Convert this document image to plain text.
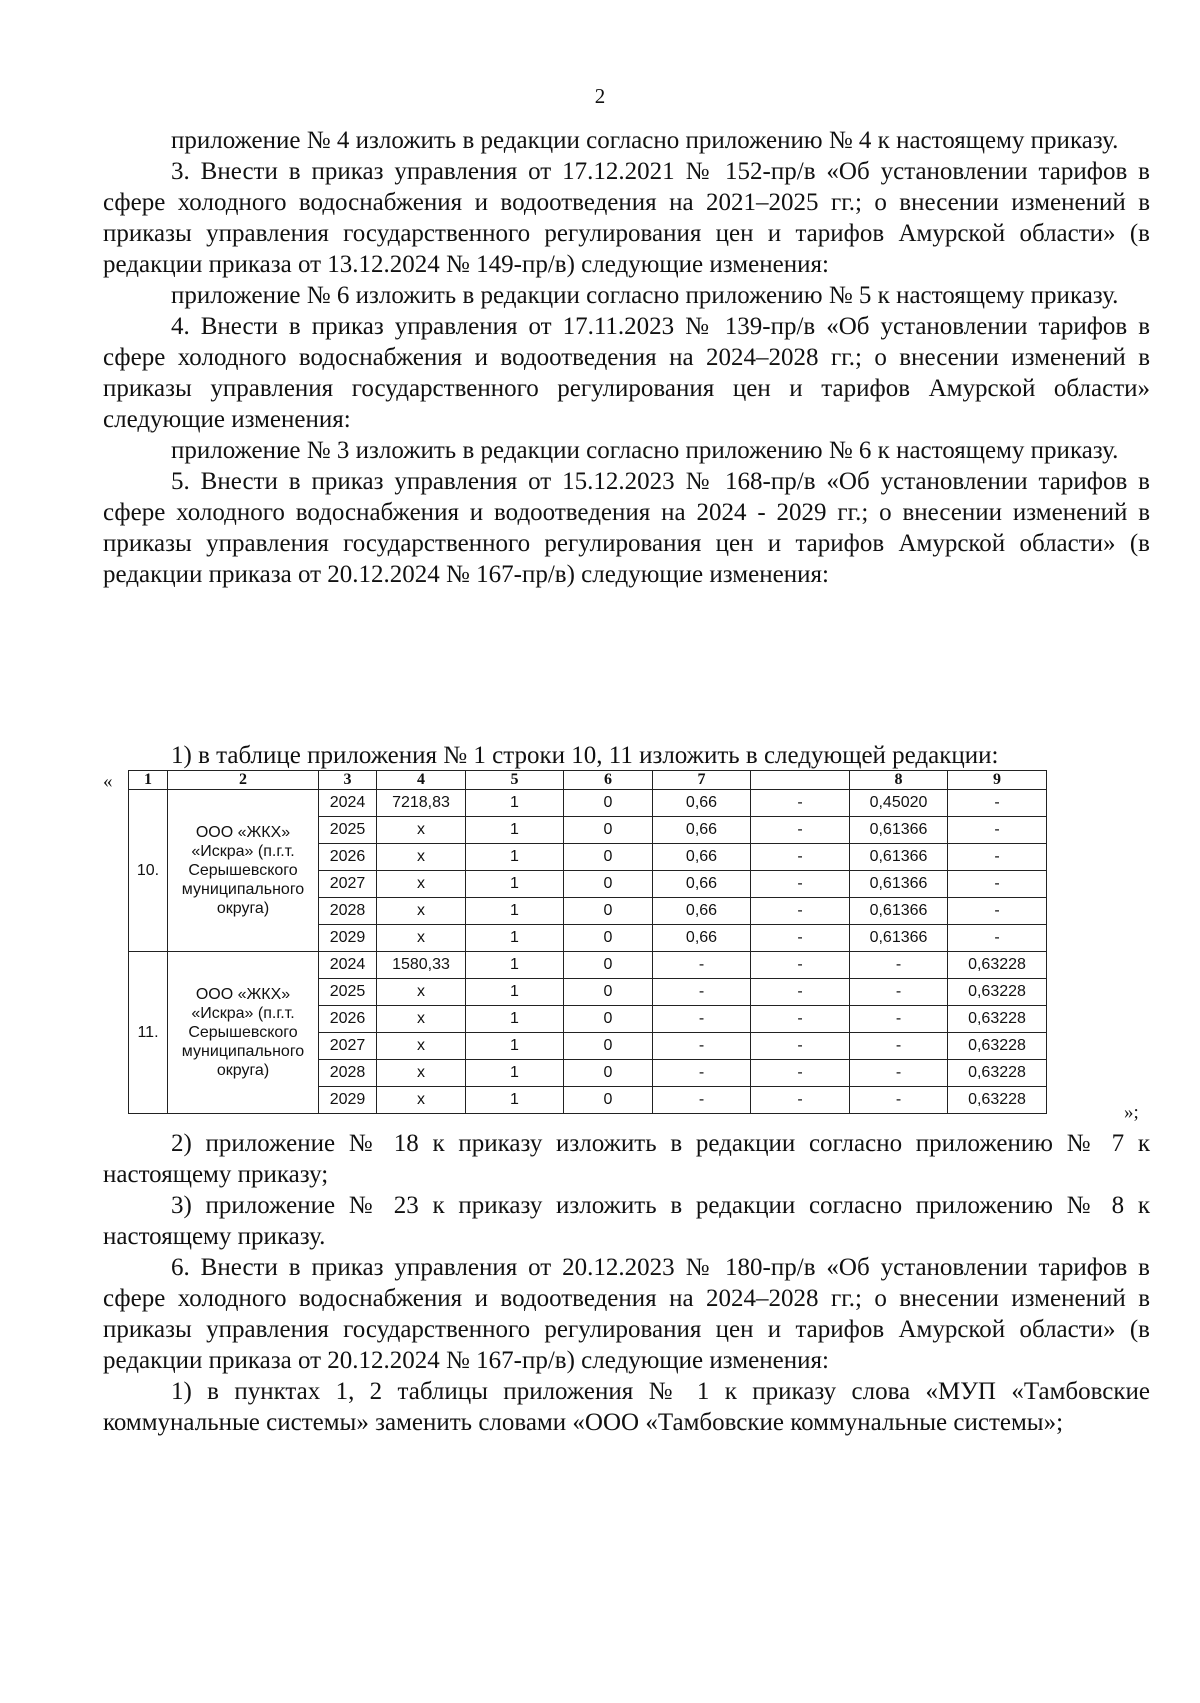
2

приложение № 4 изложить в редакции согласно приложению № 4 к настоящему приказу.

3. Внести в приказ управления от 17.12.2021 № 152-пр/в «Об установлении тарифов в сфере холодного водоснабжения и водоотведения на 2021–2025 гг.; о внесении изменений в приказы управления государственного регулирования цен и тарифов Амурской области» (в редакции приказа от 13.12.2024 № 149-пр/в) следующие изменения:

приложение № 6 изложить в редакции согласно приложению № 5 к настоящему приказу.

4. Внести в приказ управления от 17.11.2023 № 139-пр/в «Об установлении тарифов в сфере холодного водоснабжения и водоотведения на 2024–2028 гг.; о внесении изменений в приказы управления государственного регулирования цен и тарифов Амурской области» следующие изменения:

приложение № 3 изложить в редакции согласно приложению № 6 к настоящему приказу.

5. Внести в приказ управления от 15.12.2023 № 168-пр/в «Об установлении тарифов в сфере холодного водоснабжения и водоотведения на 2024 - 2029 гг.; о внесении изменений в приказы управления государственного регулирования цен и тарифов Амурской области» (в редакции приказа от 20.12.2024 № 167-пр/в) следующие изменения:

1) в таблице приложения № 1 строки 10, 11 изложить в следующей редакции:
« 1	2	3	4	5	6	7		8	9
10.	ООО «ЖКХ»
«Искра» (п.г.т.
Серышевского
муниципального
округа)	2024	7218,83	1	0	0,66	-	0,45020	-
		2025	x	1	0	0,66	-	0,61366	-
		2026	x	1	0	0,66	-	0,61366	-
		2027	x	1	0	0,66	-	0,61366	-
		2028	x	1	0	0,66	-	0,61366	-
		2029	x	1	0	0,66	-	0,61366	-
11.	ООО «ЖКХ»
«Искра» (п.г.т.
Серышевского
муниципального
округа)	2024	1580,33	1	0	-	-	-	0,63228
		2025	x	1	0	-	-	-	0,63228
		2026	x	1	0	-	-	-	0,63228
		2027	x	1	0	-	-	-	0,63228
		2028	x	1	0	-	-	-	0,63228
		2029	x	1	0	-	-	-	0,63228
»;

2) приложение № 18 к приказу изложить в редакции согласно приложению № 7 к настоящему приказу;

3) приложение № 23 к приказу изложить в редакции согласно приложению № 8 к настоящему приказу.

6. Внести в приказ управления от 20.12.2023 № 180-пр/в «Об установлении тарифов в сфере холодного водоснабжения и водоотведения на 2024–2028 гг.; о внесении изменений в приказы управления государственного регулирования цен и тарифов Амурской области» (в редакции приказа от 20.12.2024 № 167-пр/в) следующие изменения:

1) в пунктах 1, 2 таблицы приложения № 1 к приказу слова «МУП «Тамбовские коммунальные системы» заменить словами «ООО «Тамбовские коммунальные системы»;
